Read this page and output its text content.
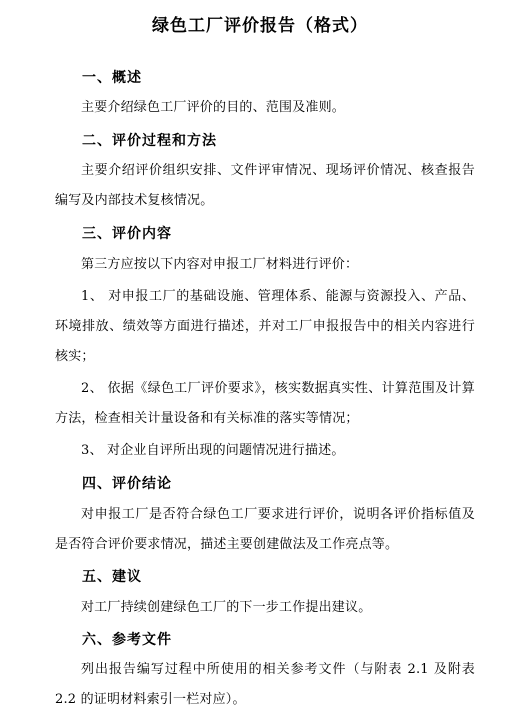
绿色工厂评价报告（格式）
一、概述
主要介绍绿色工厂评价的目的、范围及准则。
二、评价过程和方法
主要介绍评价组织安排、文件评审情况、现场评价情况、核查报告编写及内部技术复核情况。
三、评价内容
第三方应按以下内容对申报工厂材料进行评价：
1、 对申报工厂的基础设施、管理体系、能源与资源投入、产品、环境排放、绩效等方面进行描述，并对工厂申报报告中的相关内容进行核实；
2、 依据《绿色工厂评价要求》，核实数据真实性、计算范围及计算方法，检查相关计量设备和有关标准的落实等情况；
3、 对企业自评所出现的问题情况进行描述。
四、评价结论
对申报工厂是否符合绿色工厂要求进行评价，说明各评价指标值及是否符合评价要求情况，描述主要创建做法及工作亮点等。
五、建议
对工厂持续创建绿色工厂的下一步工作提出建议。
六、参考文件
列出报告编写过程中所使用的相关参考文件（与附表 2.1 及附表 2.2 的证明材料索引一栏对应）。
